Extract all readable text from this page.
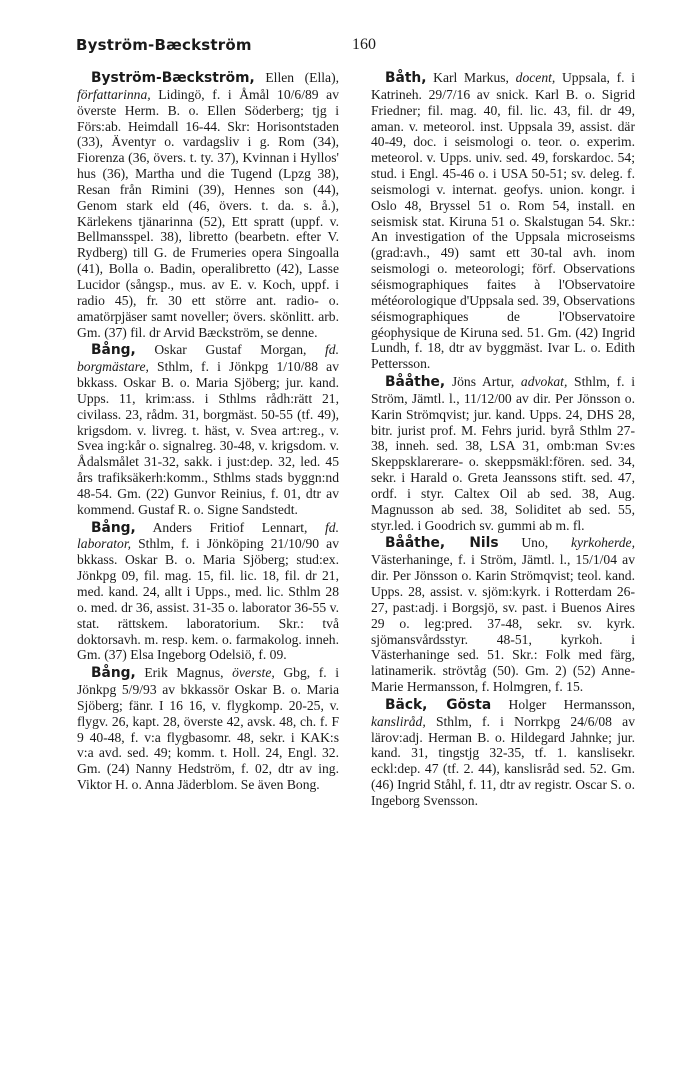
Byström-Bæckström	160

Byström-Bæckström, Ellen (Ella), författarinna, Lidingö, f. i Åmål 10/6/89 av överste Herm. B. o. Ellen Söderberg; tjg i Förs:ab. Heimdall 16-44. Skr: Horisontstaden (33), Äventyr o. vardagsliv i g. Rom (34), Fiorenza (36, övers. t. ty. 37), Kvinnan i Hyllos' hus (36), Martha und die Tugend (Lpzg 38), Resan från Rimini (39), Hennes son (44), Genom stark eld (46, övers. t. da. s. å.), Kärlekens tjänarinna (52), Ett spratt (uppf. v. Bellmansspel. 38), libretto (bearbetn. efter V. Rydberg) till G. de Frumeries opera Singoalla (41), Bolla o. Badin, operalibretto (42), Lasse Lucidor (sångsp., mus. av E. v. Koch, uppf. i radio 45), fr. 30 ett större ant. radio- o. amatörpjäser samt noveller; övers. skönlitt. arb. Gm. (37) fil. dr Arvid Bæckström, se denne.

Bång, Oskar Gustaf Morgan, fd. borgmästare, Sthlm, f. i Jönkpg 1/10/88 av bkkass. Oskar B. o. Maria Sjöberg; jur. kand. Upps. 11, krim:ass. i Sthlms rådh:rätt 21, civilass. 23, rådm. 31, borgmäst. 50-55 (tf. 49), krigsdom. v. livreg. t. häst, v. Svea art:reg., v. Svea ing:kår o. signalreg. 30-48, v. krigsdom. v. Ådalsmålet 31-32, sakk. i just:dep. 32, led. 45 års trafiksäkerh:komm., Sthlms stads byggn:nd 48-54. Gm. (22) Gunvor Reinius, f. 01, dtr av kommend. Gustaf R. o. Signe Sandstedt.

Bång, Anders Fritiof Lennart, fd. laborator, Sthlm, f. i Jönköping 21/10/90 av bkkass. Oskar B. o. Maria Sjöberg; stud:ex. Jönkpg 09, fil. mag. 15, fil. lic. 18, fil. dr 21, med. kand. 24, allt i Upps., med. lic. Sthlm 28 o. med. dr 36, assist. 31-35 o. laborator 36-55 v. stat. rättskem. laboratorium. Skr.: två doktorsavh. m. resp. kem. o. farmakolog. inneh. Gm. (37) Elsa Ingeborg Odelsiö, f. 09.

Bång, Erik Magnus, överste, Gbg, f. i Jönkpg 5/9/93 av bkkassör Oskar B. o. Maria Sjöberg; fänr. I 16 16, v. flygkomp. 20-25, v. flygv. 26, kapt. 28, överste 42, avsk. 48, ch. f. F 9 40-48, f. v:a flygbasomr. 48, sekr. i KAK:s v:a avd. sed. 49; komm. t. Holl. 24, Engl. 32. Gm. (24) Nanny Hedström, f. 02, dtr av ing. Viktor H. o. Anna Jäderblom. Se även Bong.

Båth, Karl Markus, docent, Uppsala, f. i Katrineh. 29/7/16 av snick. Karl B. o. Sigrid Friedner; fil. mag. 40, fil. lic. 43, fil. dr 49, aman. v. meteorol. inst. Uppsala 39, assist. där 40-49, doc. i seismologi o. teor. o. experim. meteorol. v. Upps. univ. sed. 49, forskardoc. 54; stud. i Engl. 45-46 o. i USA 50-51; sv. deleg. f. seismologi v. internat. geofys. union. kongr. i Oslo 48, Bryssel 51 o. Rom 54, install. en seismisk stat. Kiruna 51 o. Skalstugan 54. Skr.: An investigation of the Uppsala microseisms (grad:avh., 49) samt ett 30-tal avh. inom seismologi o. meteorologi; förf. Observations séismographiques faites à l'Observatoire météorologique d'Uppsala sed. 39, Observations séismographiques de l'Observatoire géophysique de Kiruna sed. 51. Gm. (42) Ingrid Lundh, f. 18, dtr av byggmäst. Ivar L. o. Edith Pettersson.

Bååthe, Jöns Artur, advokat, Sthlm, f. i Ström, Jämtl. l., 11/12/00 av dir. Per Jönsson o. Karin Strömqvist; jur. kand. Upps. 24, DHS 28, bitr. jurist prof. M. Fehrs jurid. byrå Sthlm 27-38, inneh. sed. 38, LSA 31, omb:man Sv:es Skeppsklarerare- o. skeppsmäkl:fören. sed. 34, sekr. i Harald o. Greta Jeanssons stift. sed. 47, ordf. i styr. Caltex Oil ab sed. 38, Aug. Magnusson ab sed. 38, Soliditet ab sed. 55, styr.led. i Goodrich sv. gummi ab m. fl.

Bååthe, Nils Uno, kyrkoherde, Västerhaninge, f. i Ström, Jämtl. l., 15/1/04 av dir. Per Jönsson o. Karin Strömqvist; teol. kand. Upps. 28, assist. v. sjöm:kyrk. i Rotterdam 26-27, past:adj. i Borgsjö, sv. past. i Buenos Aires 29 o. leg:pred. 37-48, sekr. sv. kyrk. sjömansvårdsstyr. 48-51, kyrkoh. i Västerhaninge sed. 51. Skr.: Folk med färg, latinamerik. strövtåg (50). Gm. 2) (52) Anne-Marie Hermansson, f. Holmgren, f. 15.

Bäck, Gösta Holger Hermansson, kansliråd, Sthlm, f. i Norrkpg 24/6/08 av lärov:adj. Herman B. o. Hildegard Jahnke; jur. kand. 31, tingstjg 32-35, tf. 1. kanslisekr. eckl:dep. 47 (tf. 2. 44), kanslisråd sed. 52. Gm. (46) Ingrid Ståhl, f. 11, dtr av registr. Oscar S. o. Ingeborg Svensson.
